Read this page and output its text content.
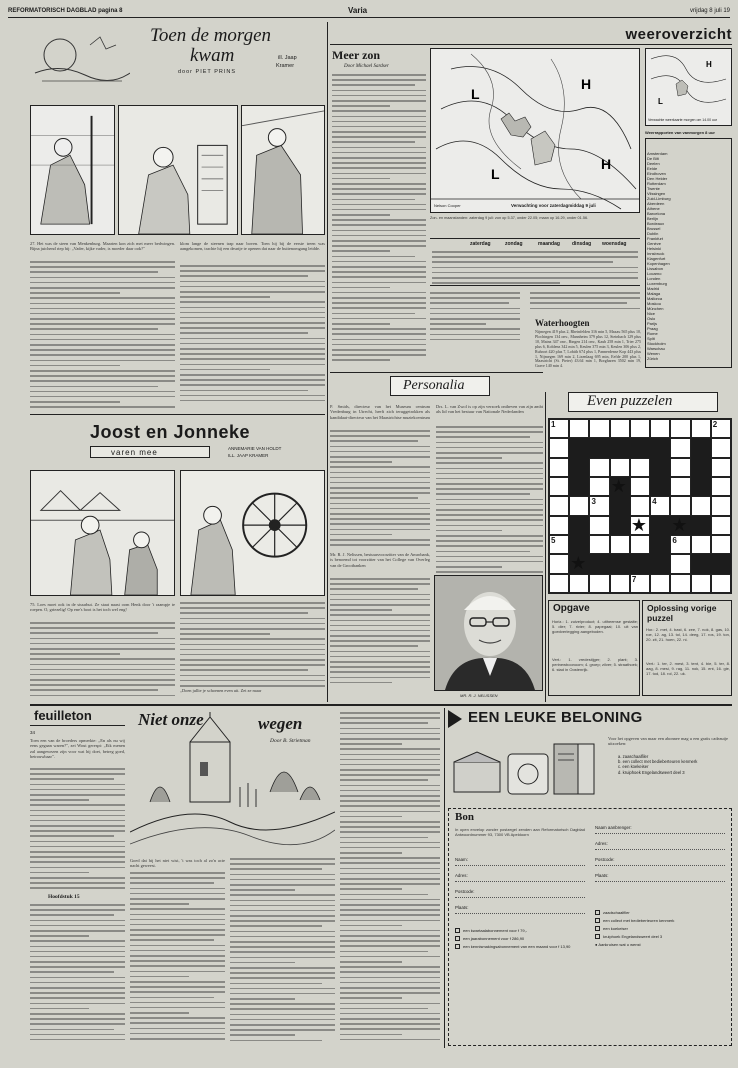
REFORMATORISCH DAGBLAD pagina 8	Varia	vrijdag 8 juli 19
Toen de morgen
kwam
door PIET PRINS
ill. Jaap
Kramer
27. Het was de steen van Menkenburg. Maarten kon zich met meer bedwingen. Bijna juichend riep hij: „Vader, kijke vader, is moeder daar ook?"
klom lange de steenen trap naar boven. Toen hij bij de eerste treen was aangekomen, trachte hij een deurtje te openen dat naar de buitenomgang leidde.
Joost en Jonneke
varen mee	ANNEMARIE VAN HOLDT
ILL. JAAP KRAMER
75. Loes moet ook in de stuurhut. Ze staat naast oom Henk door 't raampje te roepen. O, griezelig! Op ene's boot is het toch wel eng!
„Doen jullie je schoenen even uit. Zet ze maar
weeroverzicht
Meer zon
Door Michael Sardser
L
H
H
L
Nelson Cooper	Verwachting voor zaterdagmiddag 9 juli
L
H
Verwachte weerkaarte morgen om 14.00 uur
Weerrapporten van vanmorgen 8 uur
Amsterdam
De Bilt
Deelen
Eelde
Eindhoven
Den Helder
Rotterdam
Twente
Vlissingen
Zuid-Limburg
Aberdeen
Athene
Barcelona
Berlijn
Bordeaux
Brussel
Dublin
Frankfurt
Genève
Helsinki
Innsbruck
Klagenfurt
Kopenhagen
Lissabon
Locarno
Londen
Luxemburg
Madrid
Malaga
Mallorca
Moskou
München
Nice
Oslo
Parijs
Praag
Rome
Split
Stockholm
Warschau
Wenen
Zürich
Zon- en maanstanden: zaterdag 9 juli: zon op 5.37, onder 22.05; maan op 16.29, onder 01.56.
zaterdag	zondag	maandag dinsdag woensdag
Waterhoogten
Nijmegen 419 plus 2, Rheinfelden 316 min 5, Maxau 565 plus 10, Plochingen 134 onv., Mannheim 379 plus 12, Steinbach 129 plus 10, Mainz 347 onv., Bingen 214 onv., Kaub 258 min 1, Trier 275 plus 6, Koblenz 342 min 5, Keulen 375 min 3, Keulen 306 plus 2, Ruhrort 420 plus 7, Lobith 674 plus 1, Pannerdense Kop 443 plus 1, Nijmegen 169 min 2, Lixenlaag 695 min, Eefde 200 plus 1, Maastricht (St. Pieter) 43.64 min 1, Borgharen 3502 min 19, Grave 140 min 4.
Personalia
P. Smids, directeur van het Museum centrum Vredenburg in Utrecht, heeft zich teruggetrokken als kandidaat-directeur van het Maastrichtse muziekcentrum
Mr. R. J. Nelissen, bestuursvoorzitter van de Amrobank, is benoemd tot voorzitter van het College van Overleg van de Grootbanken
Drs. L. van Zwol is op zijn verzoek ontheven van zijn ambt als lid van het bestuur van Nationale Nederlanden
MR. R. J. NELISSEN
Even puzzelen
1	2
3	4
5	6
7
★
★ ★
★
Opgave
Horiz.: 1. zuivelproduct; 4. uitheemse gestalte; 5. dier; 7. rivier; 8. papegaai; 10. uit van goedverlegging aangeboden.
Vert.: 1. vredestijger; 2. plant; 3. perinewboonoom; 4. groep; zilver; 5. straathoek; 6. stad in Oostenrijk.
Oplossing vorige puzzel
Hor.: 2. met, 4. bast, 6. zee, 7. nok, 8. gas, 10. roe, 12. ag, 13. tol, 14. deeg, 17. ros, 19. ton, 20. zit, 21. hoen, 22. ni.
Vert.: 1. ter, 2. mest, 3. tent, 4. bie, 5. ter, 8. aag, 8. mesi, 9. rag, 11. nok, 15. ent, 16. gie, 17. tod, 18. rol, 22. uk.
feuilleton
34
Toen een van de broeders opmerkte: „En als nu wij eens gegaan waren?", zei Wout gerespt: „Eik menen zal aangewezen zijn voor wat hij doet, betreg goed, betrouwbaar".
Hoofdstuk 15
Niet onze	wegen
Door B. Strietman
Goed dat hij het niet wist, 't was toch al zo'n acte nacht geweest.
EEN LEUKE BELONING
Voor het opgeven van maar een abonnee mag u een gratis cadeautje uitzoeken:
a. zaaschaalfiler
b. een collect met bedieberteuren kenmerk
c. een koekeiser
d. kruiphoek Engelandsweert deel 3
Bon
In open envelop zonder postzegel zenden aan Reformatorisch Dagblad Antwoordnummer 93, 7300 VB Apeldoorn
Naam:
Adres:
Postcode:
Plaats:
Naam aanbrenger:
Adres:
Postcode:
Plaats:
een kwartaalabonnement voor f 79,-
een jaarabonnement voor f 286,90
een kennismakingsabonnement van een maand voor f 13,90
zaadschaalfiler
een collect met bedieberteuren kenmerk
een koekeiser
kruiphoek Engelandsweert deel 3
● Aankruisen wat u wenst
